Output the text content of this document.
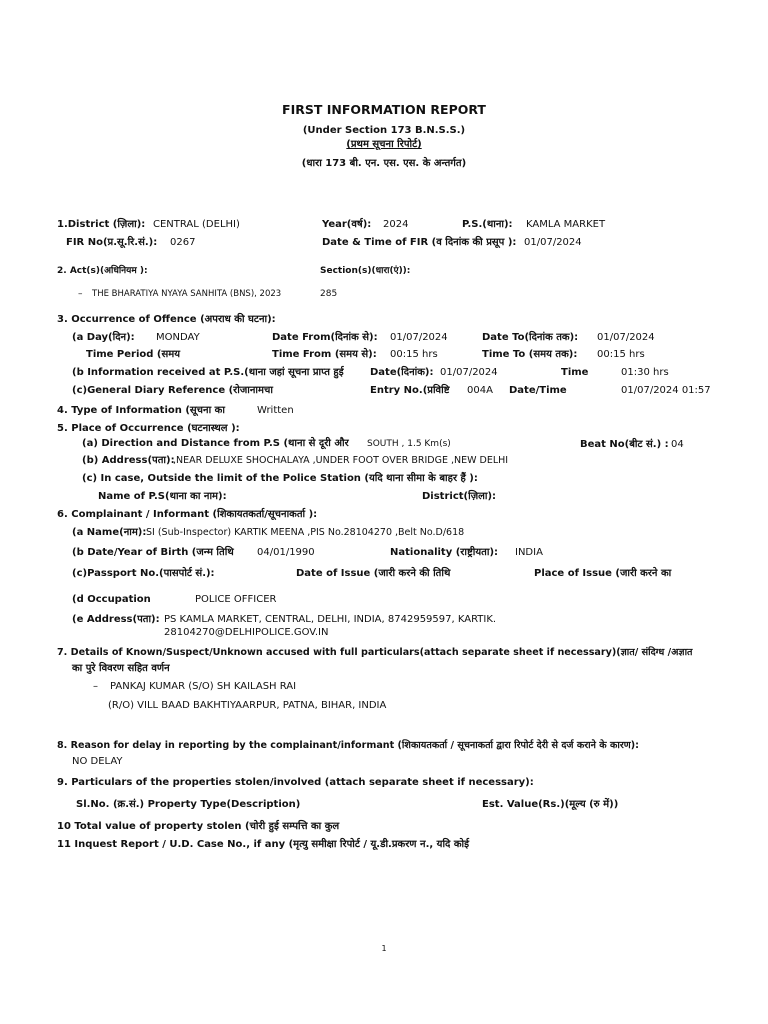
FIRST INFORMATION REPORT
(Under Section 173 B.N.S.S.)
(प्रथम सूचना रिपोर्ट)
(धारा 173 बी. एन. एस. एस. के अन्तर्गत)
1.District (ज़िला): CENTRAL (DELHI)	Year(वर्ष): 2024	P.S.(थाना): KAMLA MARKET
FIR No(प्र.सू.रि.सं.): 0267	Date & Time of FIR (व दिनांक की प्रसूप ): 01/07/2024
2. Act(s)(अधिनियम ):	Section(s)(धारा(एं)):
– THE BHARATIYA NYAYA SANHITA (BNS), 2023	285
3. Occurrence of Offence (अपराध की घटना):
(a Day(दिन): MONDAY	Date From(दिनांक से): 01/07/2024	Date To(दिनांक तक): 01/07/2024
Time Period (समय	Time From (समय से): 00:15 hrs	Time To (समय तक): 00:15 hrs
(b Information received at P.S.(थाना जहां सूचना प्राप्त हुई	Date(दिनांक): 01/07/2024	Time	01:30 hrs
(c)General Diary Reference (रोजानामचा	Entry No.(प्रविष्टि 004A Date/Time	01/07/2024 01:57
4. Type of Information (सूचना का	Written
5. Place of Occurrence (घटनास्थल ):
(a) Direction and Distance from P.S (थाना से दूरी और SOUTH , 1.5 Km(s)	Beat No(बीट सं.) : 04
(b) Address(पता):
,NEAR DELUXE SHOCHALAYA ,UNDER FOOT OVER BRIDGE ,NEW DELHI
(c) In case, Outside the limit of the Police Station (यदि थाना सीमा के बाहर हैं ):
Name of P.S(थाना का नाम):	District(ज़िला):
6. Complainant / Informant (शिकायतकर्ता/सूचनाकर्ता ):
(a Name(नाम): SI (Sub-Inspector) KARTIK MEENA ,PIS No.28104270 ,Belt No.D/618
(b Date/Year of Birth (जन्म तिथि 04/01/1990	Nationality (राष्ट्रीयता): INDIA
(c)Passport No.(पासपोर्ट सं.):	Date of Issue (जारी करने की तिथि	Place of Issue (जारी करने का
(d Occupation	POLICE OFFICER
(e Address(पता): PS KAMLA MARKET, CENTRAL, DELHI, INDIA, 8742959597, KARTIK.
28104270@DELHIPOLICE.GOV.IN
7. Details of Known/Suspect/Unknown accused with full particulars(attach separate sheet if necessary)(ज्ञात/ संदिग्ध /अज्ञात
का पुरे विवरण सहित वर्णन
– PANKAJ KUMAR (S/O) SH KAILASH RAI
(R/O) VILL BAAD BAKHTIYAARPUR, PATNA, BIHAR, INDIA
8. Reason for delay in reporting by the complainant/informant (शिकायतकर्ता / सूचनाकर्ता द्वारा रिपोर्ट देरी से दर्ज कराने के कारण):
NO DELAY
9. Particulars of the properties stolen/involved (attach separate sheet if necessary):
Sl.No. (क्र.सं.) Property Type(Description)	Est. Value(Rs.)(मूल्य (रु में))
10 Total value of property stolen (चोरी हुई सम्पत्ति का कुल
11 Inquest Report / U.D. Case No., if any (मृत्यु समीक्षा रिपोर्ट / यू.डी.प्रकरण न., यदि कोई
1
